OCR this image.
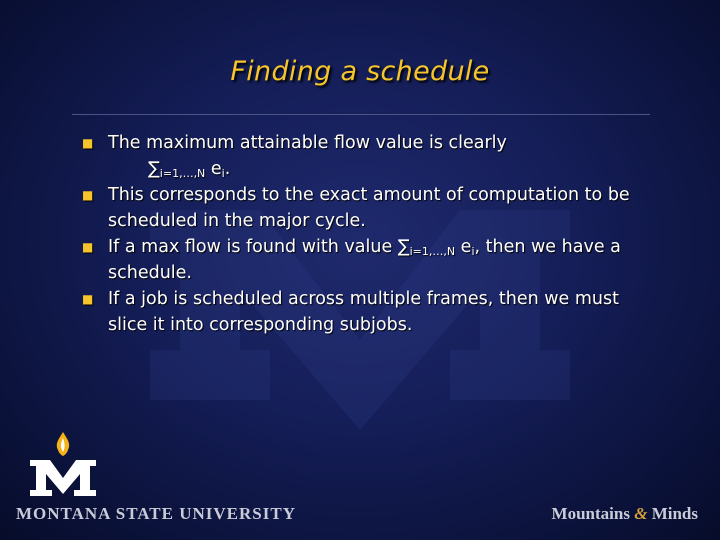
Finding a schedule
■ The maximum attainable flow value is clearly
$\sum_{i=1,\dots,N}$ $e_i$.
■ This corresponds to the exact amount of computation to be scheduled in the major cycle.
■ If a max flow is found with value $\sum_{i=1,\dots,N}$ $e_i$, then we have a schedule.
■ If a job is scheduled across multiple frames, then we must slice it into corresponding subjobs.
MONTANA STATE UNIVERSITY	Mountains & Minds
